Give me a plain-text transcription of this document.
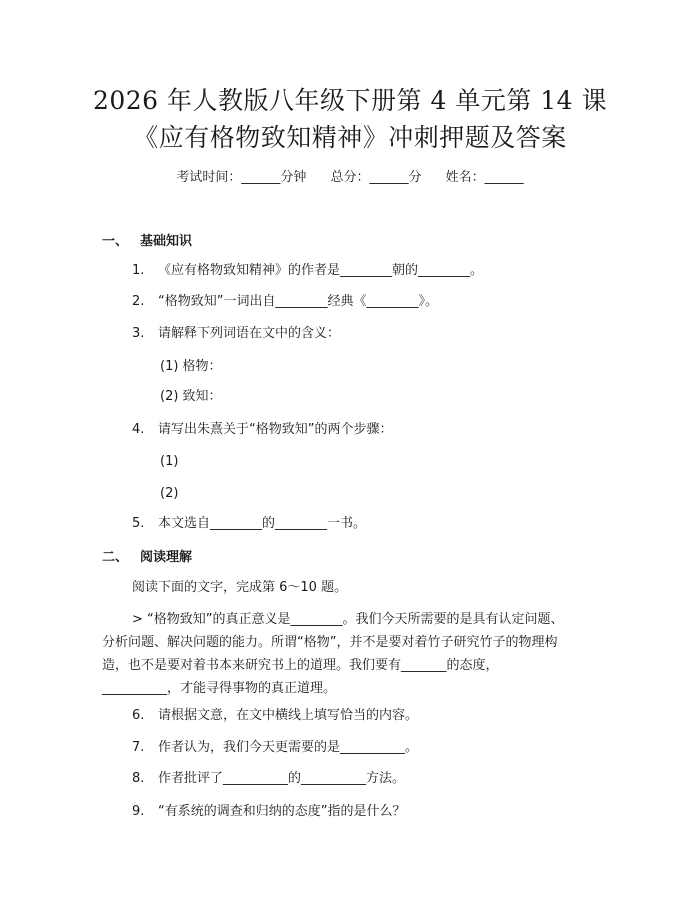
2026 年人教版八年级下册第 4 单元第 14 课
《应有格物致知精神》冲刺押题及答案
考试时间：______分钟 总分：______分 姓名：______
一、 基础知识
1. 《应有格物致知精神》的作者是________朝的________。
2. “格物致知”一词出自________经典《________》。
3. 请解释下列词语在文中的含义：
(1) 格物：
(2) 致知：
4. 请写出朱熹关于“格物致知”的两个步骤：
(1)
(2)
5. 本文选自________的________一书。
二、 阅读理解
阅读下面的文字，完成第 6～10 题。
> “格物致知”的真正意义是________。我们今天所需要的是具有认定问题、
分析问题、解决问题的能力。所谓“格物”，并不是要对着竹子研究竹子的物理构
造，也不是要对着书本来研究书上的道理。我们要有_______的态度，
__________，才能寻得事物的真正道理。
6. 请根据文意，在文中横线上填写恰当的内容。
7. 作者认为，我们今天更需要的是__________。
8. 作者批评了__________的__________方法。
9. “有系统的调查和归纳的态度”指的是什么？
